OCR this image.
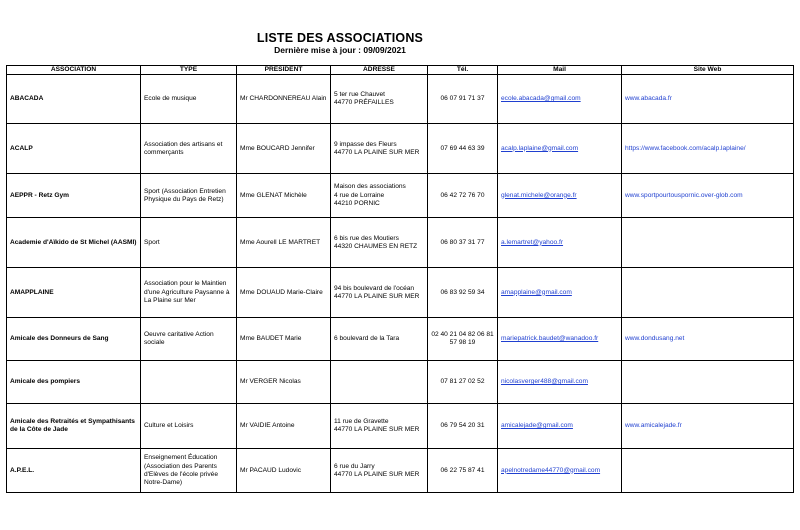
LISTE DES ASSOCIATIONS
Dernière mise à jour : 09/09/2021
ASSOCIATION	TYPE	PRESIDENT	ADRESSE	Tél.	Mail	Site Web
ABACADA	Ecole de musique	Mr CHARDONNEREAU Alain	5 ter rue Chauvet
44770 PRÉFAILLES	06 07 91 71 37	ecole.abacada@gmail.com	www.abacada.fr
ACALP	Association des artisans et commerçants	Mme BOUCARD Jennifer	9 impasse des Fleurs
44770 LA PLAINE SUR MER	07 69 44 63 39	acalp.laplaine@gmail.com	https://www.facebook.com/acalp.laplaine/
AEPPR - Retz Gym	Sport (Association Entretien Physique du Pays de Retz)	Mme GLENAT Michèle	Maison des associations
4 rue de Lorraine
44210 PORNIC	06 42 72 76 70	glenat.michele@orange.fr	www.sportpourtouspornic.over-glob.com
Academie d'Aïkido de St Michel (AASMI)	Sport	Mme Aourell LE MARTRET	6 bis rue des Moutiers
44320 CHAUMES EN RETZ	06 80 37 31 77	a.lemartret@yahoo.fr	
AMAPPLAINE	Association pour le Maintien d'une Agriculture Paysanne à La Plaine sur Mer	Mme DOUAUD Marie-Claire	94 bis boulevard de l'océan
44770 LA PLAINE SUR MER	06 83 92 59 34	amapplaine@gmail.com	
Amicale des Donneurs de Sang	Oeuvre caritative Action sociale	Mme BAUDET Marie	6 boulevard de la Tara	02 40 21 04 82 06 81 57 98 19	mariepatrick.baudet@wanadoo.fr	www.dondusang.net
Amicale des pompiers		Mr VERGER Nicolas		07 81 27 02 52	nicolasverger488@gmail.com	
Amicale des Retraités et Sympathisants de la Côte de Jade	Culture et Loisirs	Mr VAIDIE Antoine	11 rue de Gravette
44770 LA PLAINE SUR MER	06 79 54 20 31	amicalejade@gmail.com	www.amicalejade.fr
A.P.E.L.	Enseignement Éducation (Association des Parents d'Elèves de l'école privée Notre-Dame)	Mr PACAUD Ludovic	6 rue du Jarry
44770 LA PLAINE SUR MER	06 22 75 87 41	apelnotredame44770@gmail.com	
